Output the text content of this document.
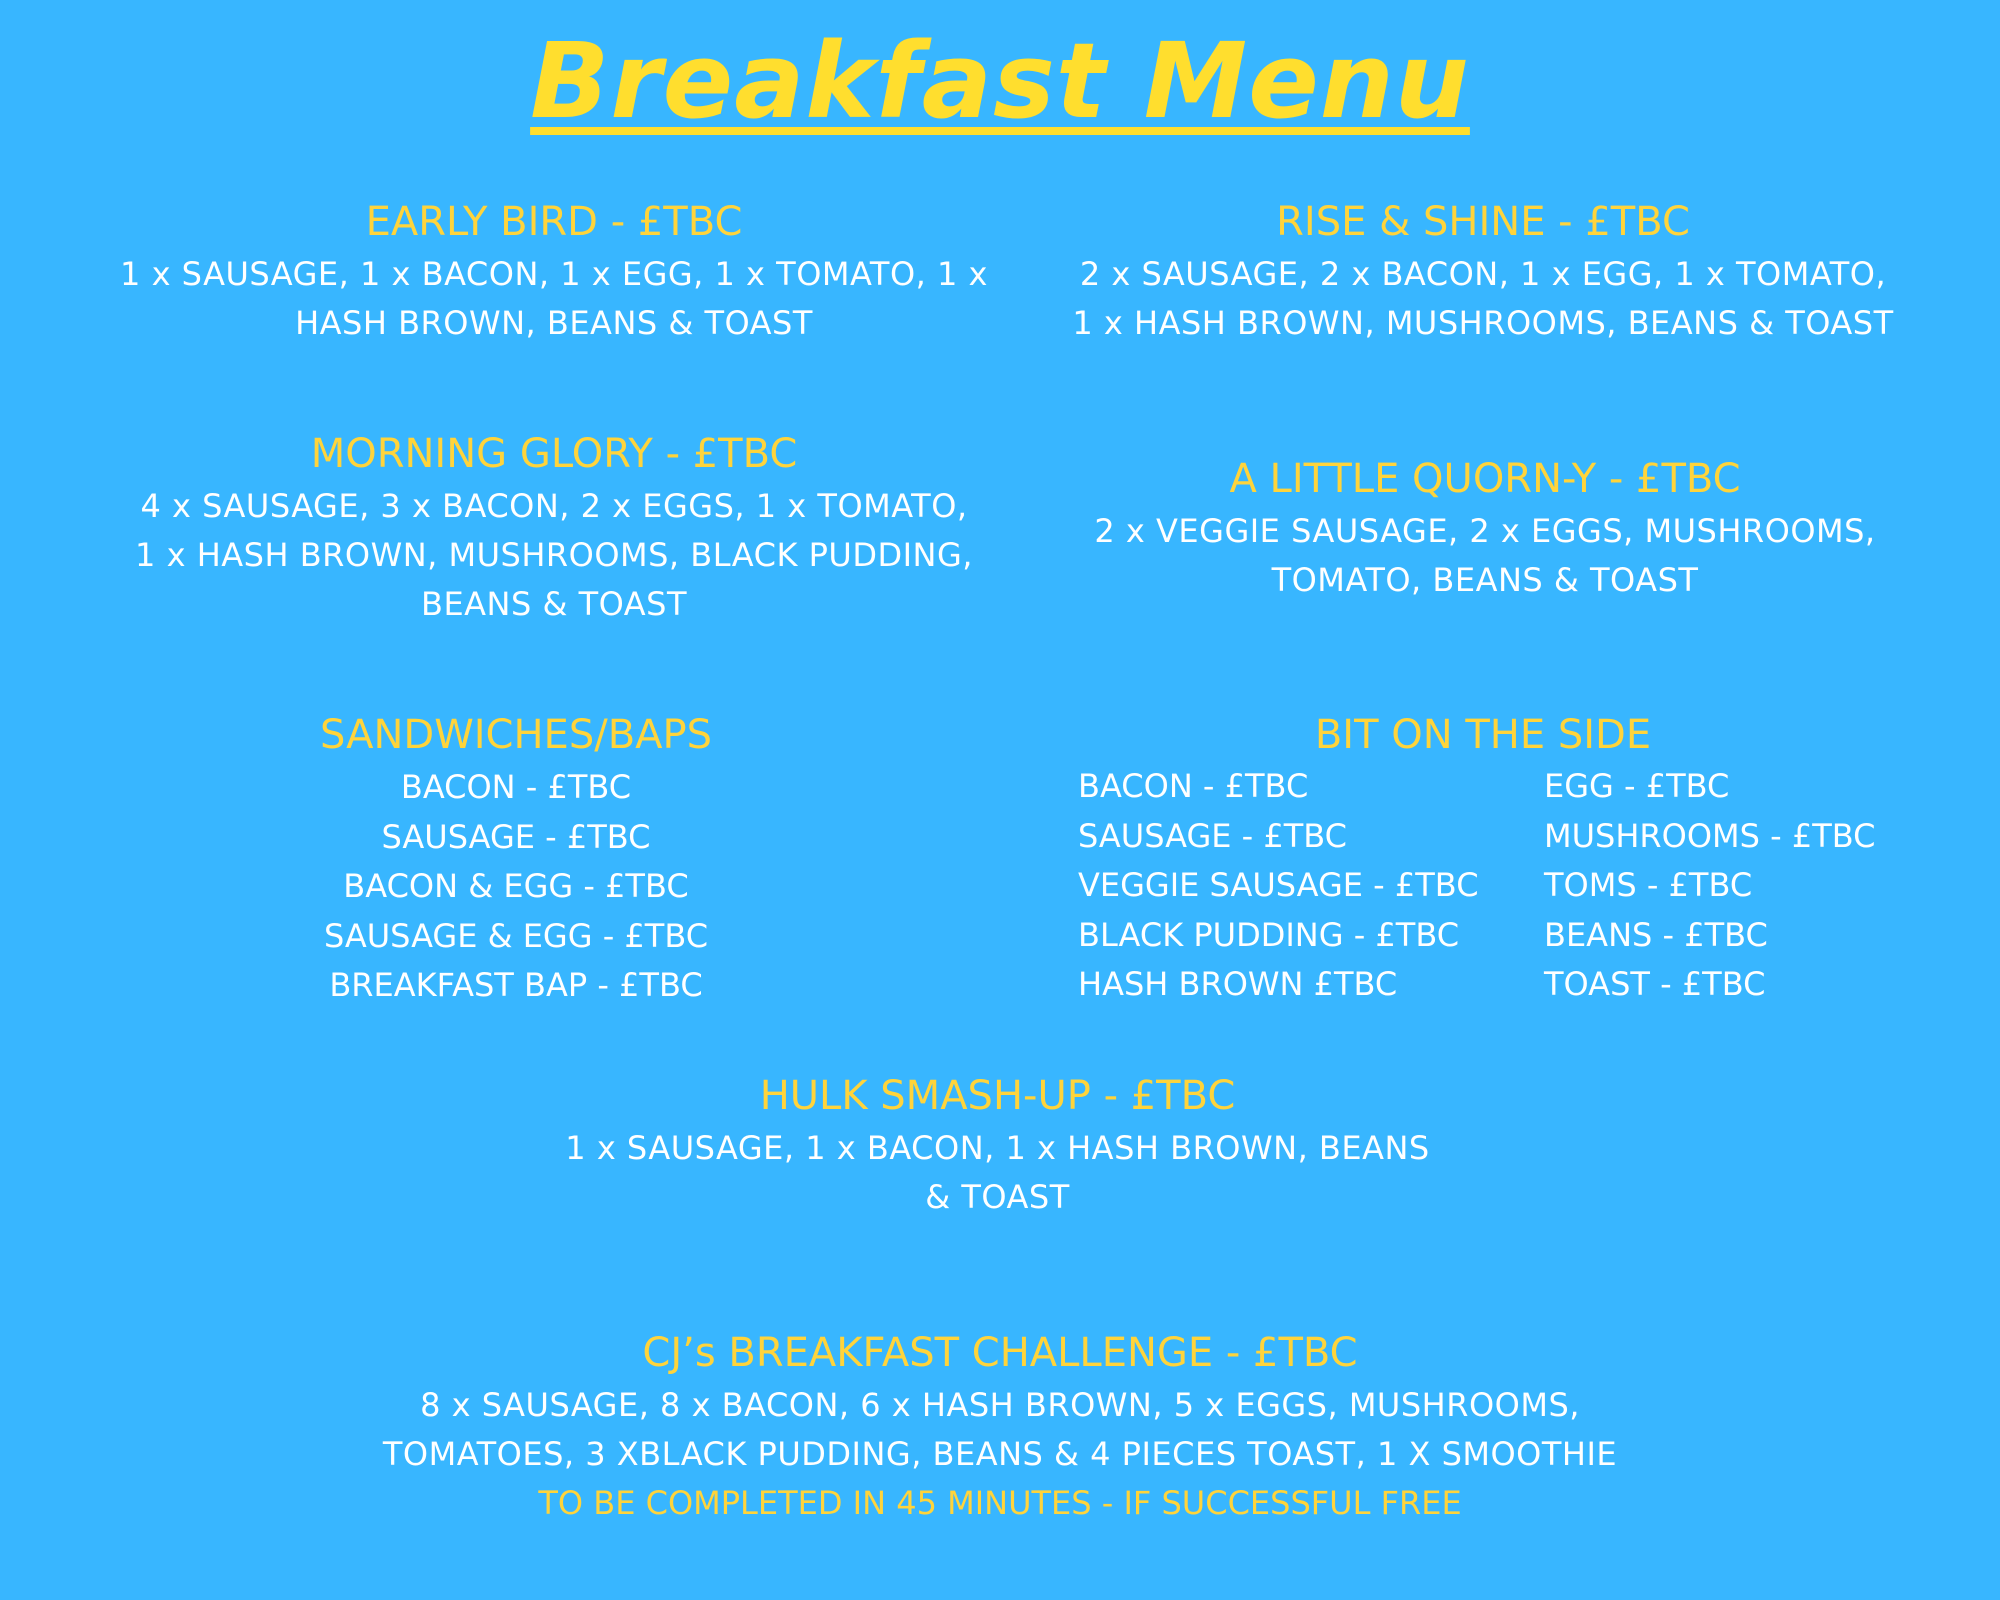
Breakfast Menu
EARLY BIRD - £TBC
1 x SAUSAGE, 1 x BACON, 1 x EGG, 1 x TOMATO, 1 x HASH BROWN, BEANS & TOAST
RISE & SHINE - £TBC
2 x SAUSAGE, 2 x BACON, 1 x EGG, 1 x TOMATO, 1 x HASH BROWN, MUSHROOMS, BEANS & TOAST
MORNING GLORY - £TBC
4 x SAUSAGE, 3 x BACON, 2 x EGGS, 1 x TOMATO, 1 x HASH BROWN, MUSHROOMS, BLACK PUDDING, BEANS & TOAST
A LITTLE QUORN-Y - £TBC
2 x VEGGIE SAUSAGE, 2 x EGGS, MUSHROOMS, TOMATO, BEANS & TOAST
SANDWICHES/BAPS
BACON - £TBC
SAUSAGE - £TBC
BACON & EGG - £TBC
SAUSAGE & EGG - £TBC
BREAKFAST BAP - £TBC
BIT ON THE SIDE
BACON - £TBC
SAUSAGE - £TBC
VEGGIE SAUSAGE - £TBC
BLACK PUDDING - £TBC
HASH BROWN £TBC
EGG - £TBC
MUSHROOMS - £TBC
TOMS - £TBC
BEANS - £TBC
TOAST - £TBC
HULK SMASH-UP - £TBC
1 x SAUSAGE, 1 x BACON, 1 x HASH BROWN, BEANS & TOAST
CJ’s BREAKFAST CHALLENGE - £TBC
8 x SAUSAGE, 8 x BACON, 6 x HASH BROWN, 5 x EGGS, MUSHROOMS, TOMATOES, 3 XBLACK PUDDING, BEANS & 4 PIECES TOAST, 1 X SMOOTHIE
TO BE COMPLETED IN 45 MINUTES - IF SUCCESSFUL FREE
